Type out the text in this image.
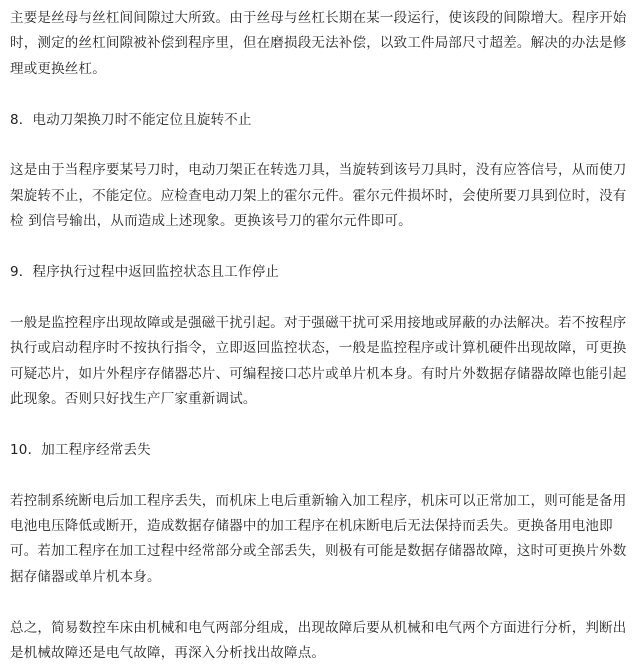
主要是丝母与丝杠间间隙过大所致。由于丝母与丝杠长期在某一段运行，使该段的间隙增大。程序开始时，测定的丝杠间隙被补偿到程序里，但在磨损段无法补偿，以致工件局部尺寸超差。解决的办法是修理或更换丝杠。

8．电动刀架换刀时不能定位且旋转不止

这是由于当程序要某号刀时，电动刀架正在转选刀具，当旋转到该号刀具时，没有应答信号，从而使刀架旋转不止，不能定位。应检查电动刀架上的霍尔元件。霍尔元件损坏时，会使所要刀具到位时，没有检 到信号输出，从而造成上述现象。更换该号刀的霍尔元件即可。

9．程序执行过程中返回监控状态且工作停止

一般是监控程序出现故障或是强磁干扰引起。对于强磁干扰可采用接地或屏蔽的办法解决。若不按程序执行或启动程序时不按执行指令，立即返回监控状态，一般是监控程序或计算机硬件出现故障，可更换可疑芯片，如片外程序存储器芯片、可编程接口芯片或单片机本身。有时片外数据存储器故障也能引起此现象。否则只好找生产厂家重新调试。

10．加工程序经常丢失

若控制系统断电后加工程序丢失，而机床上电后重新输入加工程序，机床可以正常加工，则可能是备用电池电压降低或断开，造成数据存储器中的加工程序在机床断电后无法保持而丢失。更换备用电池即可。若加工程序在加工过程中经常部分或全部丢失，则极有可能是数据存储器故障，这时可更换片外数据存储器或单片机本身。

总之，简易数控车床由机械和电气两部分组成，出现故障后要从机械和电气两个方面进行分析，判断出是机械故障还是电气故障，再深入分析找出故障点。
